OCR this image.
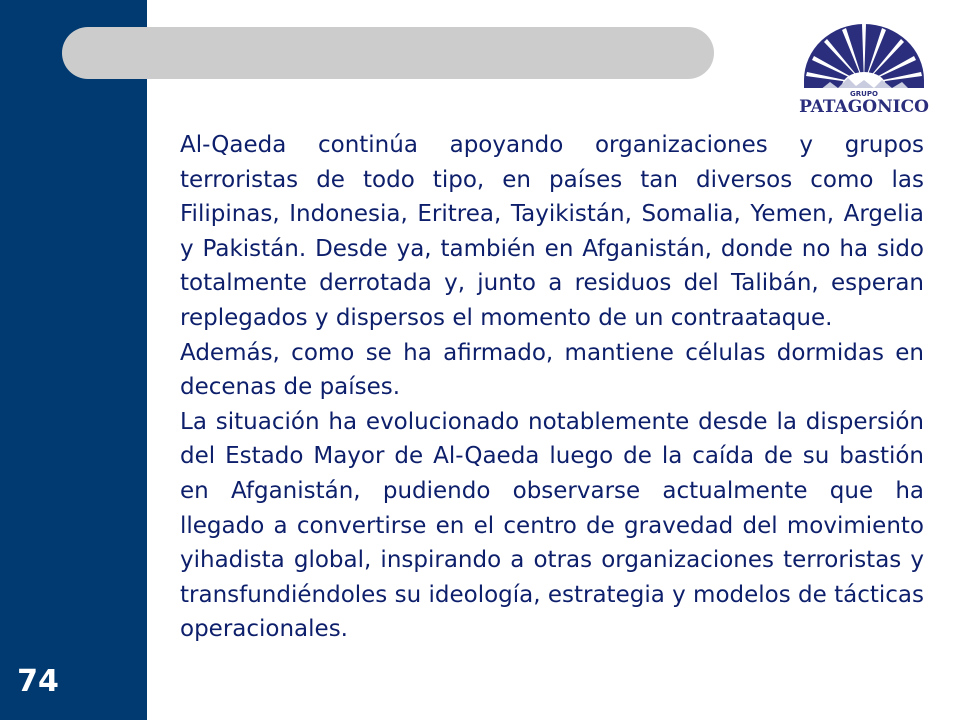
74
GRUPO
PATAGONICO

Al-Qaeda continúa apoyando organizaciones y grupos terroristas de todo tipo, en países tan diversos como las Filipinas, Indonesia, Eritrea, Tayikistán, Somalia, Yemen, Argelia y Pakistán. Desde ya, también en Afganistán, donde no ha sido totalmente derrotada y, junto a residuos del Talibán, esperan replegados y dispersos el momento de un contraataque.

Además, como se ha afirmado, mantiene células dormidas en decenas de países.

La situación ha evolucionado notablemente desde la dispersión del Estado Mayor de Al-Qaeda luego de la caída de su bastión en Afganistán, pudiendo observarse actualmente que ha llegado a convertirse en el centro de gravedad del movimiento yihadista global, inspirando a otras organizaciones terroristas y transfundiéndoles su ideología, estrategia y modelos de tácticas operacionales.
